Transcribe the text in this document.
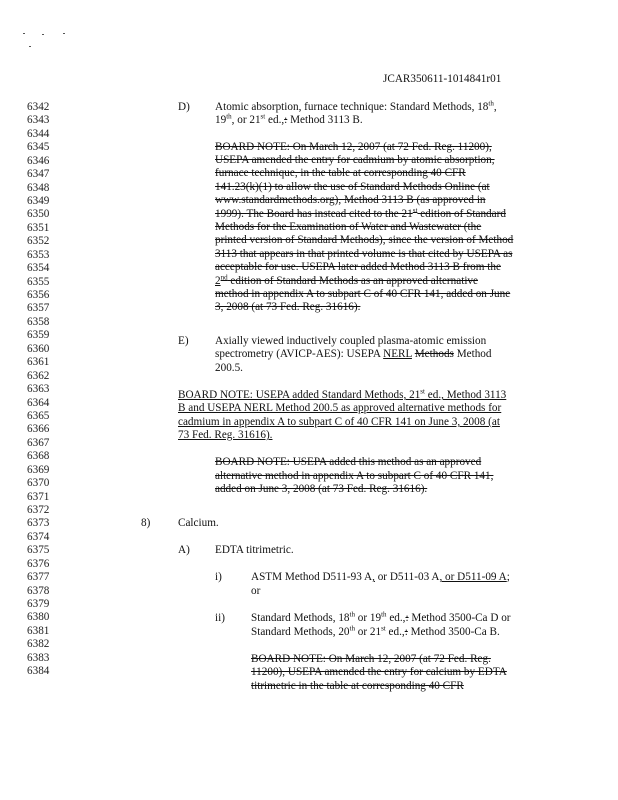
JCAR350611-1014841r01
6342
6343
6344
6345
6346
6347
6348
6349
6350
6351
6352
6353
6354
6355
6356
6357
6358
6359
6360
6361
6362
6363
6364
6365
6366
6367
6368
6369
6370
6371
6372
6373
6374
6375
6376
6377
6378
6379
6380
6381
6382
6383
6384
D) Atomic absorption, furnace technique: Standard Methods, 18th,
19th, or 21st ed.,: Method 3113 B.
BOARD NOTE: On March 12, 2007 (at 72 Fed. Reg. 11200),
USEPA amended the entry for cadmium by atomic absorption,
furnace technique, in the table at corresponding 40 CFR
141.23(k)(1) to allow the use of Standard Methods Online (at
www.standardmethods.org), Method 3113 B (as approved in
1999). The Board has instead cited to the 21st edition of Standard
Methods for the Examination of Water and Wastewater (the
printed version of Standard Methods), since the version of Method
3113 that appears in that printed volume is that cited by USEPA as
acceptable for use. USEPA later added Method 3113 B from the
2nd edition of Standard Methods as an approved alternative
method in appendix A to subpart C of 40 CFR 141, added on June
3, 2008 (at 73 Fed. Reg. 31616).
E) Axially viewed inductively coupled plasma-atomic emission
spectrometry (AVICP-AES): USEPA NERL Methods Method
200.5.
BOARD NOTE: USEPA added Standard Methods, 21st ed., Method 3113
B and USEPA NERL Method 200.5 as approved alternative methods for
cadmium in appendix A to subpart C of 40 CFR 141 on June 3, 2008 (at
73 Fed. Reg. 31616).
BOARD NOTE: USEPA added this method as an approved
alternative method in appendix A to subpart C of 40 CFR 141,
added on June 3, 2008 (at 73 Fed. Reg. 31616).
8) Calcium.
A) EDTA titrimetric.
i)	ASTM Method D511-93 A, or D511-03 A, or D511-09 A;
or
ii) Standard Methods, 18th or 19th ed.,: Method 3500-Ca D or
Standard Methods, 20th or 21st ed.,: Method 3500-Ca B.
BOARD NOTE: On March 12, 2007 (at 72 Fed. Reg.
11200), USEPA amended the entry for calcium by EDTA
titrimetric in the table at corresponding 40 CFR
